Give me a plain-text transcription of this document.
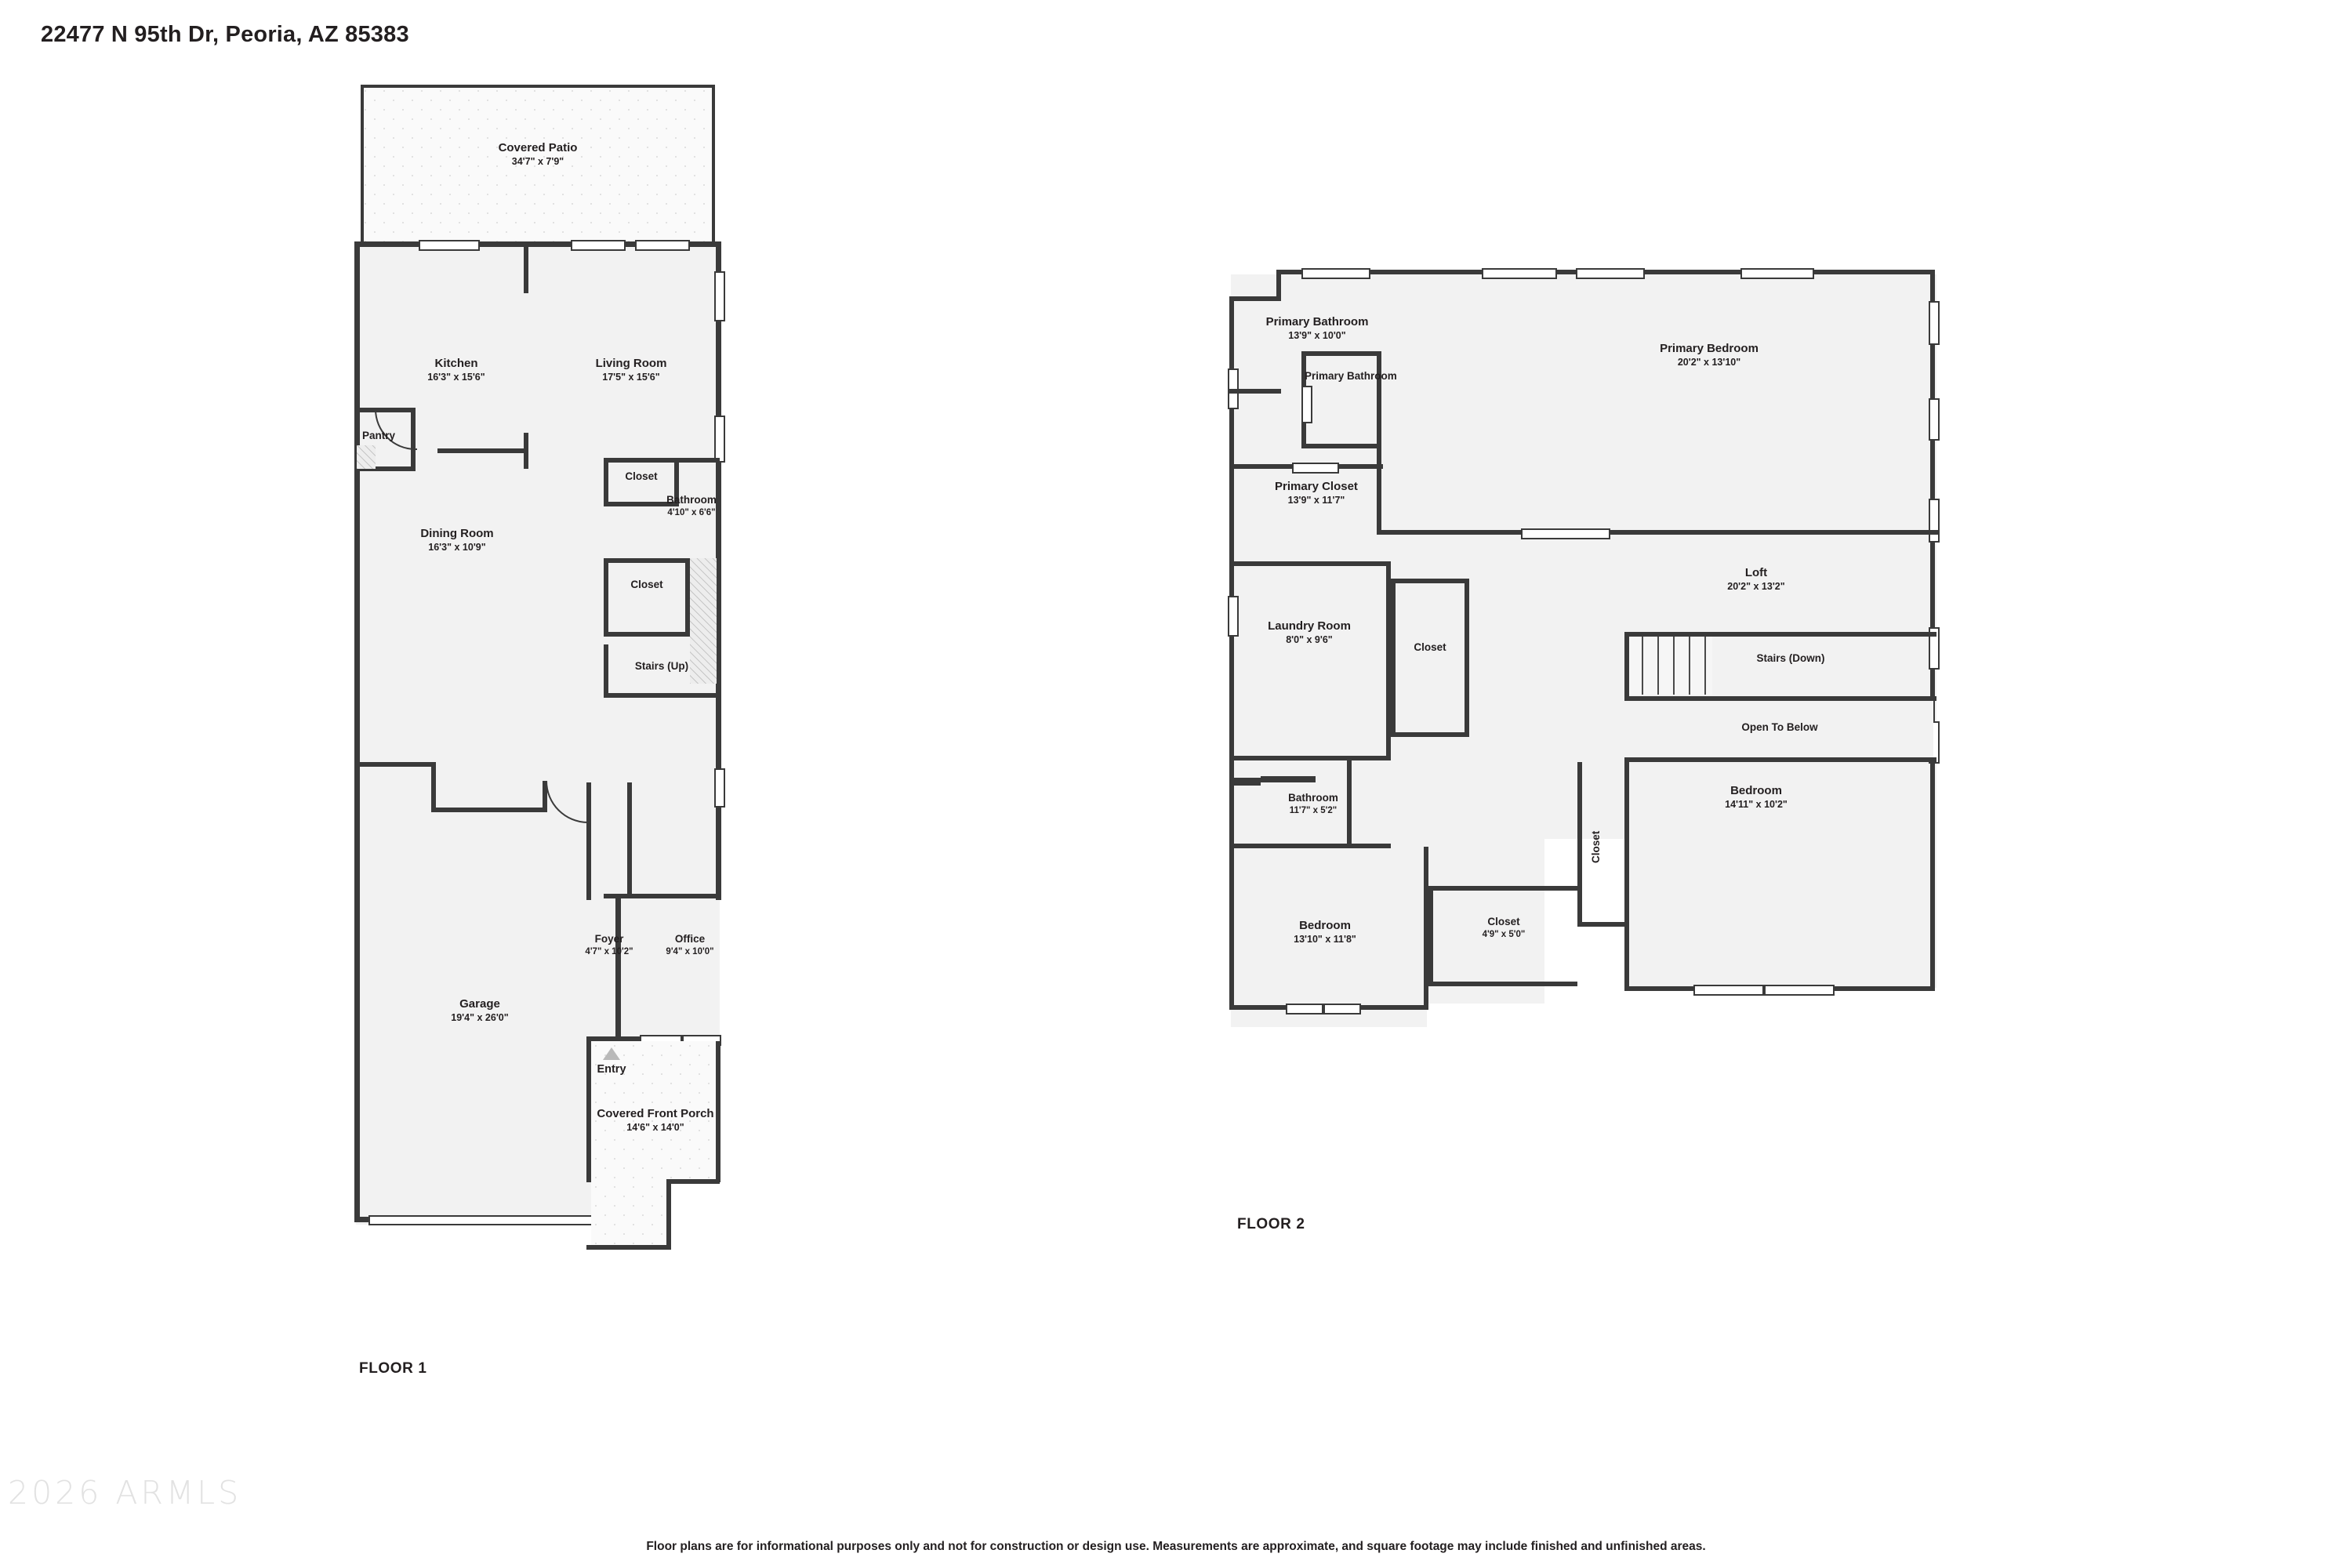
22477 N 95th Dr, Peoria, AZ 85383
Covered Patio
34'7" x 7'9"
Kitchen
16'3" x 15'6"
Living Room
17'5" x 15'6"
Pantry
Dining Room
16'3" x 10'9"
Closet
Bathroom
4'10" x 6'6"
Closet
Stairs (Up)
Foyer
4'7" x 10'2"
Office
9'4" x 10'0"
Garage
19'4" x 26'0"
Entry
Covered Front Porch
14'6" x 14'0"
FLOOR 1
Primary Bathroom
13'9" x 10'0"
Primary Bathroom
Primary Bedroom
20'2" x 13'10"
Primary Closet
13'9" x 11'7"
Loft
20'2" x 13'2"
Laundry Room
8'0" x 9'6"
Closet
Stairs (Down)
Open To Below
Bathroom
11'7" x 5'2"
Bedroom
14'11" x 10'2"
Closet
Bedroom
13'10" x 11'8"
Closet
4'9" x 5'0"
FLOOR 2
2026 ARMLS
Floor plans are for informational purposes only and not for construction or design use. Measurements are approximate, and square footage may include finished and unfinished areas.
